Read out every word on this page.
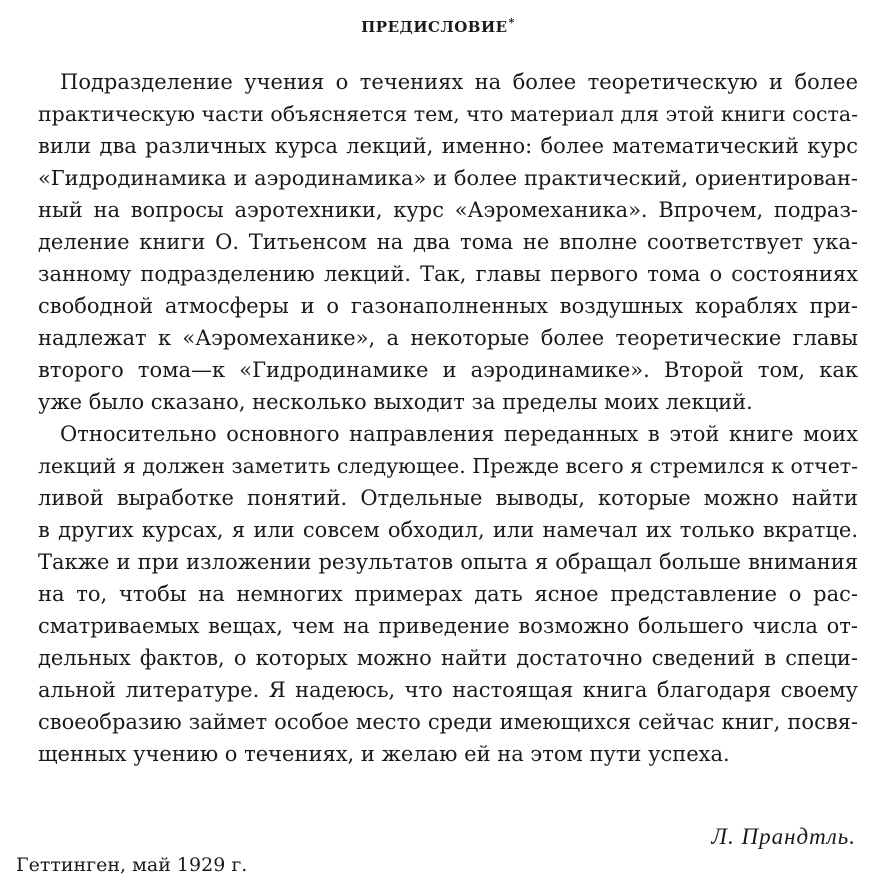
ПРЕДИСЛОВИЕ*

Подразделение учения о течениях на более теоретическую и более
практическую части объясняется тем, что материал для этой книги соста-
вили два различных курса лекций, именно: более математический курс
«Гидродинамика и аэродинамика» и более практический, ориентирован-
ный на вопросы аэротехники, курс «Аэромеханика». Впрочем, подраз-
деление книги О. Титьенсом на два тома не вполне соответствует ука-
занному подразделению лекций. Так, главы первого тома о состояниях
свободной атмосферы и о газонаполненных воздушных кораблях при-
надлежат к «Аэромеханике», а некоторые более теоретические главы
второго тома—к «Гидродинамике и аэродинамике». Второй том, как
уже было сказано, несколько выходит за пределы моих лекций.

Относительно основного направления переданных в этой книге моих
лекций я должен заметить следующее. Прежде всего я стремился к отчет-
ливой выработке понятий. Отдельные выводы, которые можно найти
в других курсах, я или совсем обходил, или намечал их только вкратце.
Также и при изложении результатов опыта я обращал больше внимания
на то, чтобы на немногих примерах дать ясное представление о рас-
сматриваемых вещах, чем на приведение возможно большего числа от-
дельных фактов, о которых можно найти достаточно сведений в специ-
альной литературе. Я надеюсь, что настоящая книга благодаря своему
своеобразию займет особое место среди имеющихся сейчас книг, посвя-
щенных учению о течениях, и желаю ей на этом пути успеха.

Л. Прандтль.
Геттинген, май 1929 г.
